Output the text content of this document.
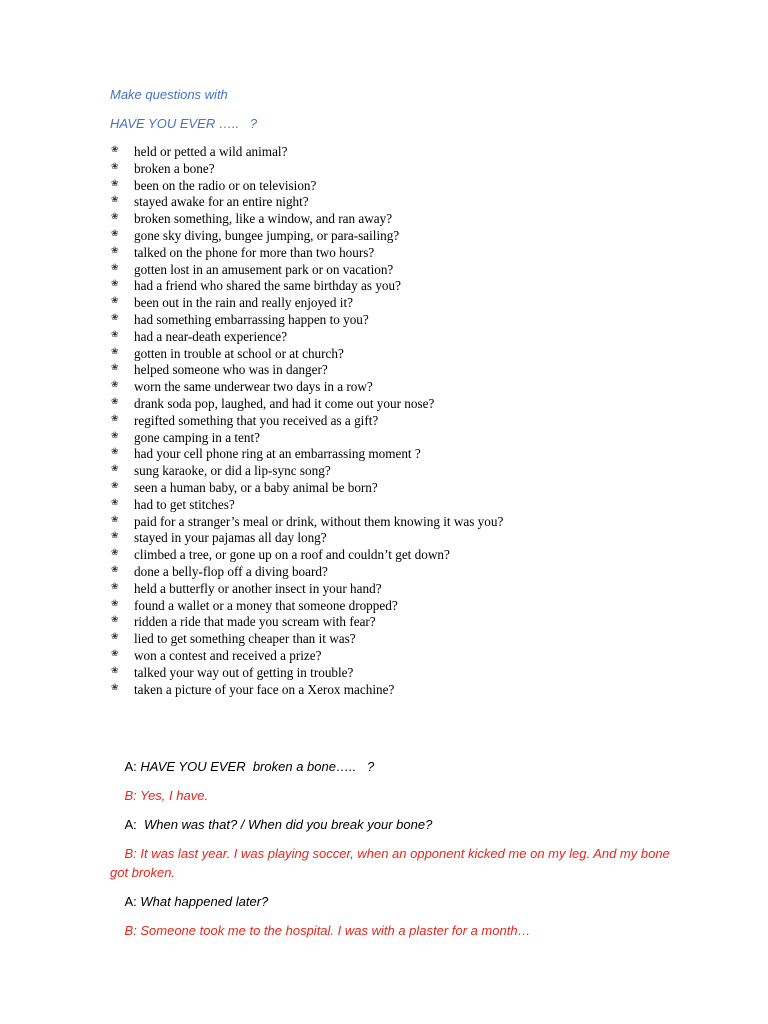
Make questions with
HAVE YOU EVER …..   ?
❀	held or petted a wild animal?
❀	broken a bone?
❀	been on the radio or on television?
❀	stayed awake for an entire night?
❀	broken something, like a window, and ran away?
❀	gone sky diving, bungee jumping, or para-sailing?
❀	talked on the phone for more than two hours?
❀	gotten lost in an amusement park or on vacation?
❀	had a friend who shared the same birthday as you?
❀	been out in the rain and really enjoyed it?
❀	had something embarrassing happen to you?
❀	had a near-death experience?
❀	gotten in trouble at school or at church?
❀	helped someone who was in danger?
❀	worn the same underwear two days in a row?
❀	drank soda pop, laughed, and had it come out your nose?
❀	regifted something that you received as a gift?
❀	gone camping in a tent?
❀	had your cell phone ring at an embarrassing moment ?
❀	sung karaoke, or did a lip-sync song?
❀	seen a human baby, or a baby animal be born?
❀	had to get stitches?
❀	paid for a stranger’s meal or drink, without them knowing it was you?
❀	stayed in your pajamas all day long?
❀	climbed a tree, or gone up on a roof and couldn’t get down?
❀	done a belly-flop off a diving board?
❀	held a butterfly or another insect in your hand?
❀	found a wallet or a money that someone dropped?
❀	ridden a ride that made you scream with fear?
❀	lied to get something cheaper than it was?
❀	won a contest and received a prize?
❀	talked your way out of getting in trouble?
❀	taken a picture of your face on a Xerox machine?

A: HAVE YOU EVER  broken a bone…..   ?

B: Yes, I have.

A:  When was that? / When did you break your bone?

B: It was last year. I was playing soccer, when an opponent kicked me on my leg. And my bone got broken.

A: What happened later?

B: Someone took me to the hospital. I was with a plaster for a month…
